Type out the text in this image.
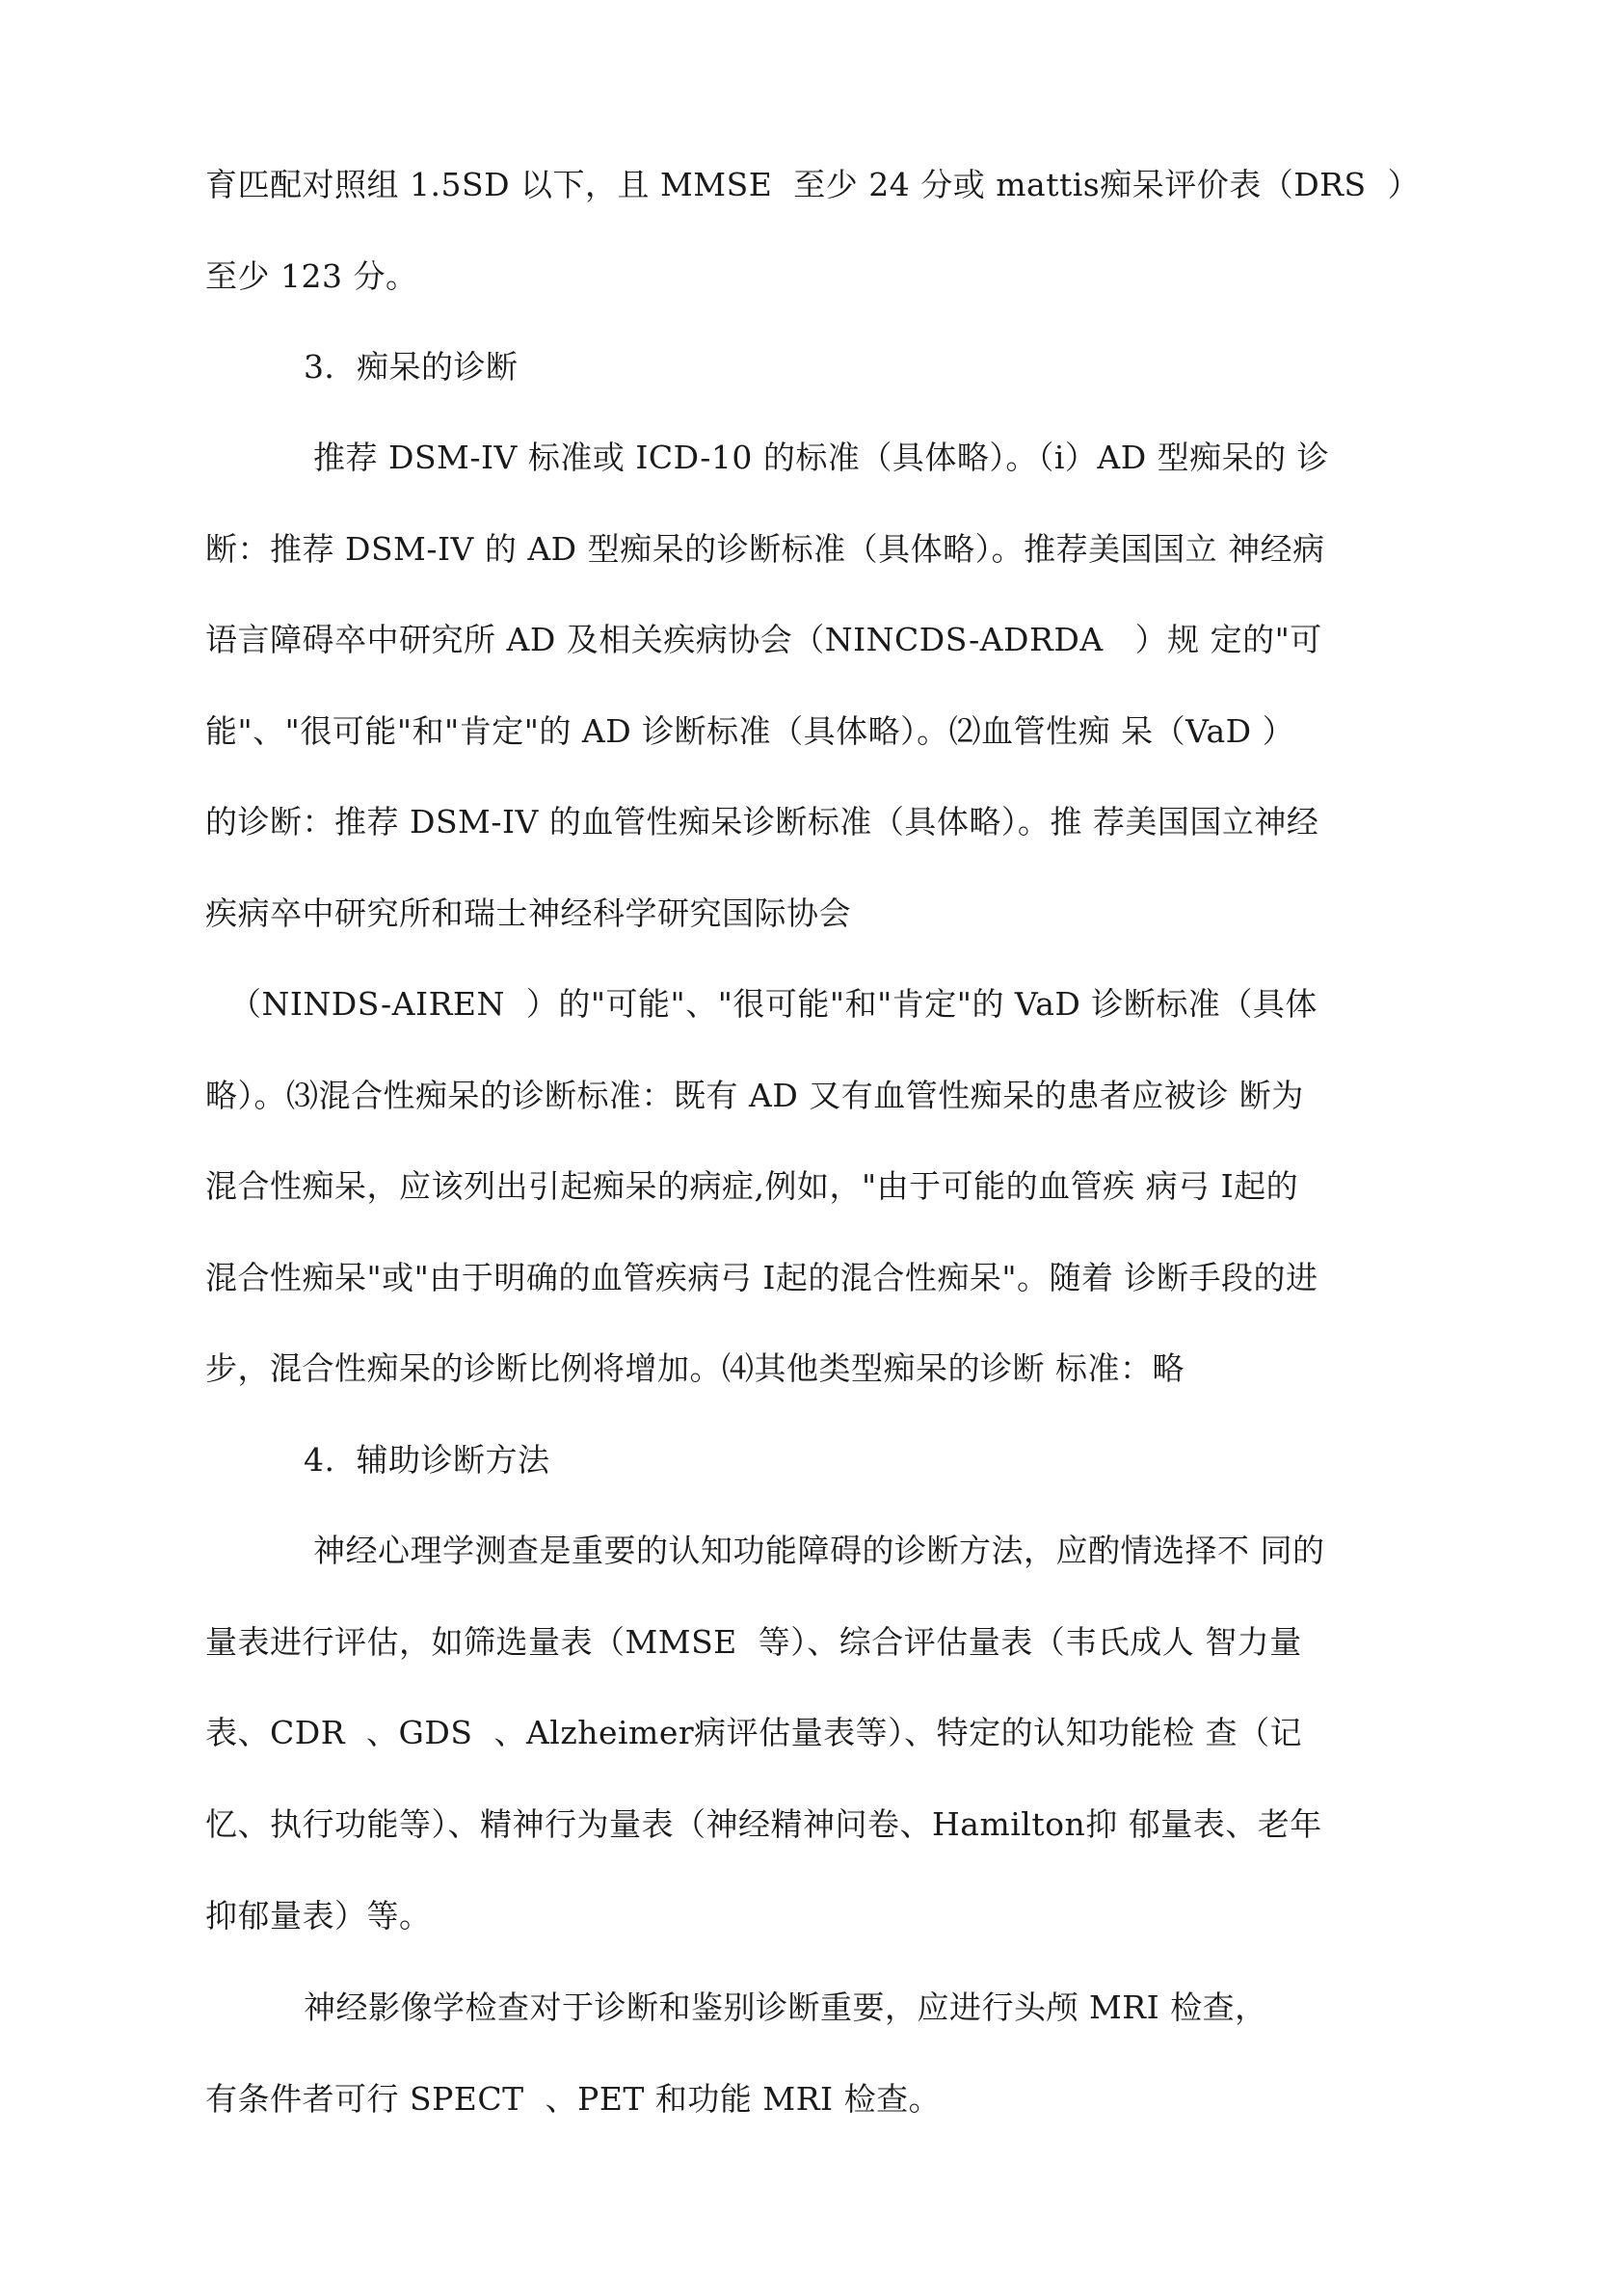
育匹配对照组 1.5SD 以下，且 MMSE  至少 24 分或 mattis痴呆评价表（DRS  ）
至少 123 分。
3．痴呆的诊断
推荐 DSM-IV 标准或 ICD-10 的标准（具体略）。（i）AD 型痴呆的 诊
断：推荐 DSM-IV 的 AD 型痴呆的诊断标准（具体略）。推荐美国国立 神经病
语言障碍卒中研究所 AD 及相关疾病协会（NINCDS-ADRDA   ）规 定的"可
能"、"很可能"和"肯定"的 AD 诊断标准（具体略）。⑵血管性痴 呆（VaD ）
的诊断：推荐 DSM-IV 的血管性痴呆诊断标准（具体略）。推 荐美国国立神经
疾病卒中研究所和瑞士神经科学研究国际协会
（NINDS-AIREN  ）的"可能"、"很可能"和"肯定"的 VaD 诊断标准（具体
略）。⑶混合性痴呆的诊断标准：既有 AD 又有血管性痴呆的患者应被诊 断为
混合性痴呆，应该列出引起痴呆的病症,例如，"由于可能的血管疾 病弓 I起的
混合性痴呆"或"由于明确的血管疾病弓 I起的混合性痴呆"。随着 诊断手段的进
步，混合性痴呆的诊断比例将增加。⑷其他类型痴呆的诊断 标准：略
4.  辅助诊断方法
神经心理学测查是重要的认知功能障碍的诊断方法，应酌情选择不 同的
量表进行评估，如筛选量表（MMSE  等）、综合评估量表（韦氏成人 智力量
表、CDR  、GDS  、Alzheimer病评估量表等）、特定的认知功能检 查（记
忆、执行功能等）、精神行为量表（神经精神问卷、Hamilton抑 郁量表、老年
抑郁量表）等。
神经影像学检查对于诊断和鉴别诊断重要，应进行头颅 MRI 检查，
有条件者可行 SPECT  、PET 和功能 MRI 检查。
